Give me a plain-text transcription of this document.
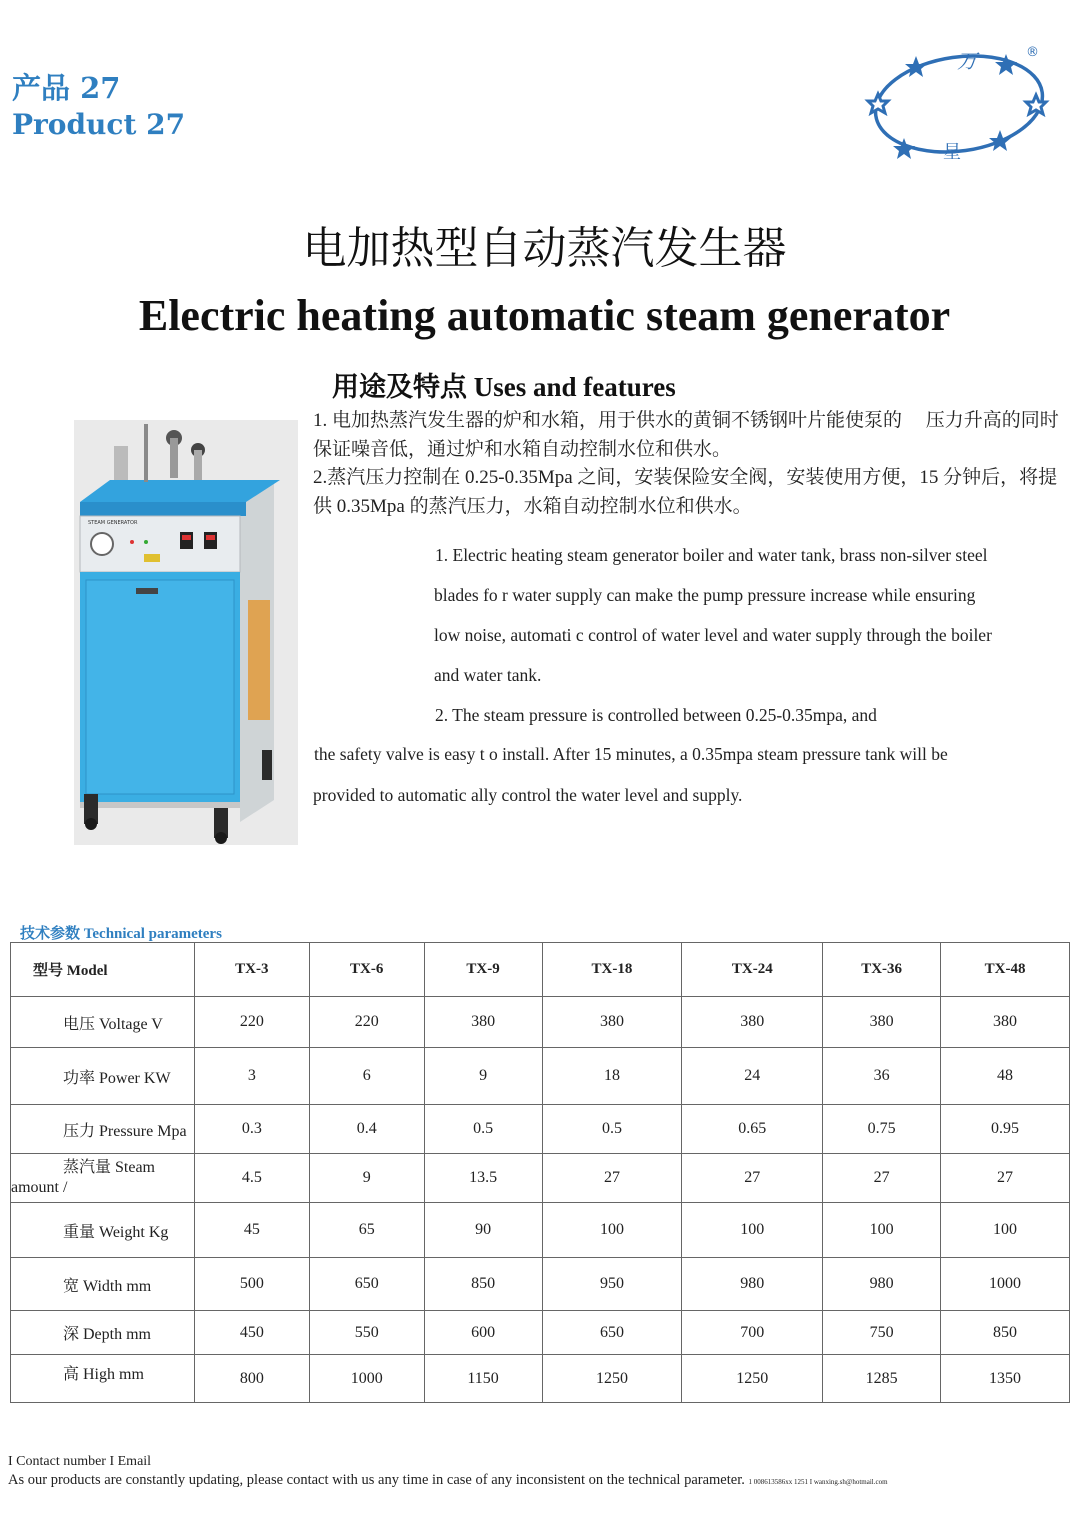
产品 27
Product 27
万
星
®
电加热型自动蒸汽发生器
Electric heating automatic steam generator
用途及特点 Uses and features
STEAM GENERATOR
1. 电加热蒸汽发生器的炉和水箱，用于供水的黄铜不锈钢叶片能使泵的　 压力升高的同时保证噪音低，通过炉和水箱自动控制水位和供水。
2.蒸汽压力控制在 0.25-0.35Mpa 之间，安装保险安全阀，安装使用方便，15 分钟后，将提供 0.35Mpa 的蒸汽压力，水箱自动控制水位和供水。
1. Electric heating steam generator boiler and water tank, brass non-silver steel
blades fo r water supply can make the pump pressure increase while ensuring
low noise, automati c control of water level and water supply through the boiler
and water tank.
2. The steam pressure is controlled between 0.25-0.35mpa, and
the safety valve is easy t o install. After 15 minutes, a 0.35mpa steam pressure tank will be
provided to automatic ally control the water level and supply.
技术参数 Technical parameters
型号 Model	TX-3	TX-6	TX-9	TX-18	TX-24	TX-36	TX-48
电压 Voltage V	220	220	380	380	380	380	380
功率 Power KW	3	6	9	18	24	36	48
压力 Pressure Mpa	0.3	0.4	0.5	0.5	0.65	0.75	0.95

蒸汽量 Steam
amount /	4.5	9	13.5	27	27	27	27
重量 Weight Kg	45	65	90	100	100	100	100
宽 Width mm	500	650	850	950	980	980	1000
深 Depth mm	450	550	600	650	700	750	850
高 High mm	800	1000	1150	1250	1250	1285	1350
I Contact number I Email
As our products are constantly updating, please contact with us any time in case of any inconsistent on the technical parameter. 1 008613586xx 1251 I wanxing.sh@hotmail.com
